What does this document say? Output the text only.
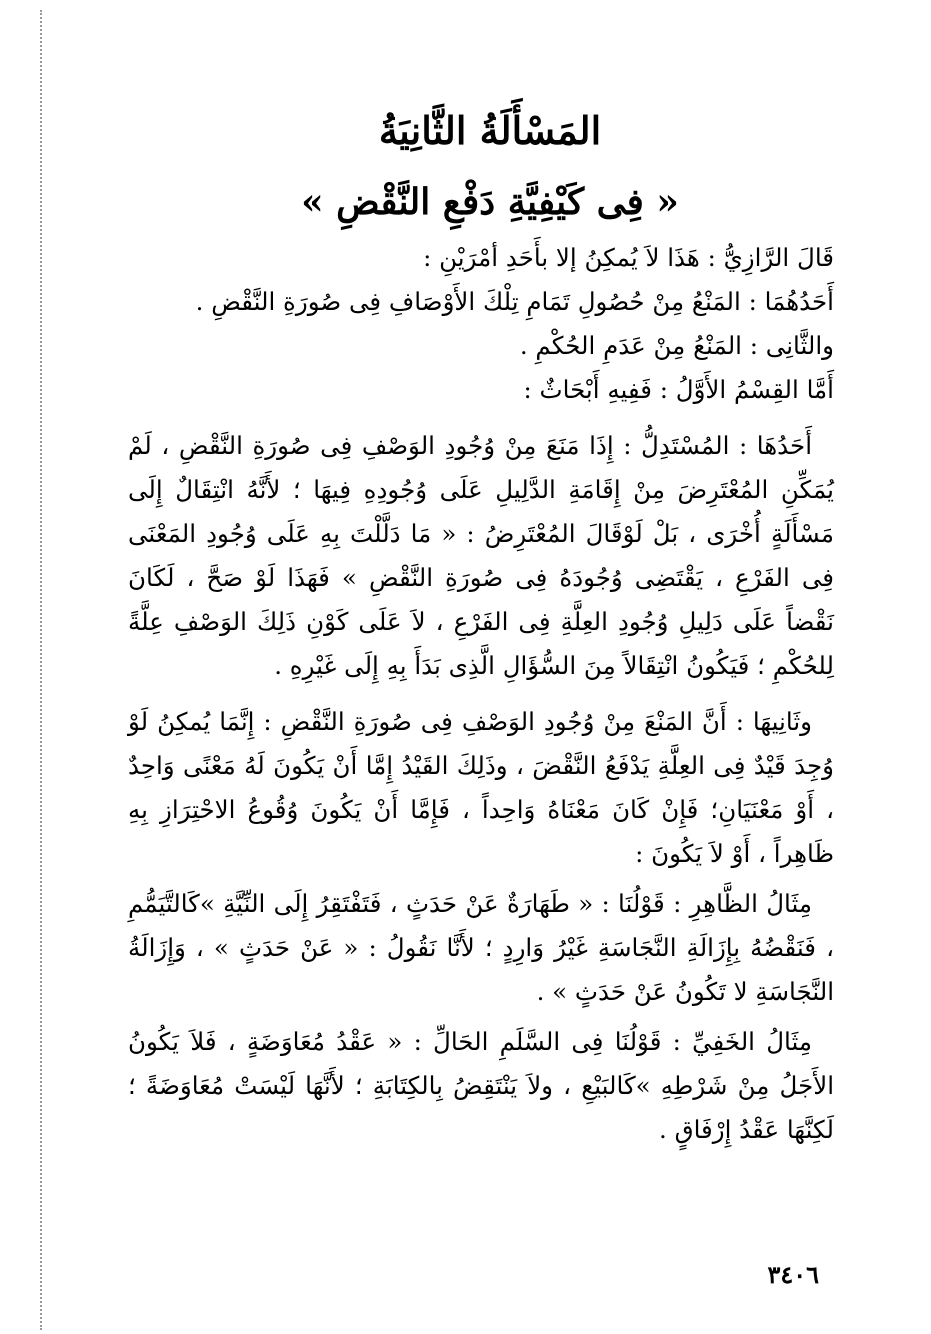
المَسْأَلَةُ الثَّانِيَةُ
« فِى كَيْفِيَّةِ دَفْعِ النَّقْضِ »

قَالَ الرَّازِيُّ : هَذَا لاَ يُمكِنُ إلا بأَحَدِ أمْرَيْنِ :

أَحَدُهُمَا : المَنْعُ مِنْ حُصُولِ تَمَامِ تِلْكَ الأَوْصَافِ فِى صُورَةِ النَّقْضِ .

والثَّانِى : المَنْعُ مِنْ عَدَمِ الحُكْمِ .

أَمَّا القِسْمُ الأَوَّلُ : فَفِيهِ أَبْحَاثٌ :

أَحَدُهَا : المُسْتَدِلُّ : إِذَا مَنَعَ مِنْ وُجُودِ الوَصْفِ فِى صُورَةِ النَّقْضِ ، لَمْ يُمَكِّنِ المُعْتَرِضَ مِنْ إِقَامَةِ الدَّلِيلِ عَلَى وُجُودِهِ فِيهَا ؛ لأَنَّهُ انْتِقَالٌ إِلَى مَسْأَلَةٍ أُخْرَى ، بَلْ لَوْقَالَ المُعْتَرِضُ : « مَا دَلَّلْتَ بِهِ عَلَى وُجُودِ المَعْنَى فِى الفَرْعِ ، يَقْتَضِى وُجُودَهُ فِى صُورَةِ النَّقْضِ » فَهَذَا لَوْ صَحَّ ، لَكَانَ نَقْضاً عَلَى دَلِيلِ وُجُودِ العِلَّةِ فِى الفَرْعِ ، لاَ عَلَى كَوْنِ ذَلِكَ الوَصْفِ عِلَّةً لِلحُكْمِ ؛ فَيَكُونُ انْتِقَالاً مِنَ السُّؤَالِ الَّذِى بَدَأَ بِهِ إِلَى غَيْرِهِ .

وثَانِيهَا : أَنَّ المَنْعَ مِنْ وُجُودِ الوَصْفِ فِى صُورَةِ النَّقْضِ : إِنَّمَا يُمكِنُ لَوْ وُجِدَ قَيْدٌ فِى العِلَّةِ يَدْفَعُ النَّقْضَ ، وذَلِكَ القَيْدُ إِمَّا أَنْ يَكُونَ لَهُ مَعْنًى وَاحِدٌ ، أَوْ مَعْنَيَانِ؛ فَإِنْ كَانَ مَعْنَاهُ وَاحِداً ، فَإِمَّا أَنْ يَكُونَ وُقُوعُ الاحْتِرَازِ بِهِ ظَاهِراً ، أَوْ لاَ يَكُونَ :

مِثَالُ الظَّاهِرِ : قَوْلُنَا : « طَهَارَةٌ عَنْ حَدَثٍ ، فَتَفْتَقِرُ إِلَى النِّيَّةِ »كَالتَّيَمُّمِ ، فَنَقْضُهُ بِإِزَالَةِ النَّجَاسَةِ غَيْرُ وَارِدٍ ؛ لأَنَّا نَقُولُ : « عَنْ حَدَثٍ » ، وَإِزَالَةُ النَّجَاسَةِ لا تَكُونُ عَنْ حَدَثٍ » .

مِثَالُ الخَفِيِّ : قَوْلُنَا فِى السَّلَمِ الحَالِّ : « عَقْدُ مُعَاوَضَةٍ ، فَلاَ يَكُونُ الأَجَلُ مِنْ شَرْطِهِ »كَالبَيْعِ ، ولاَ يَنْتَقِضُ بِالكِتَابَةِ ؛ لأَنَّهَا لَيْسَتْ مُعَاوَضَةً ؛ لَكِنَّهَا عَقْدُ إِرْفَاقٍ .

٣٤٠٦
